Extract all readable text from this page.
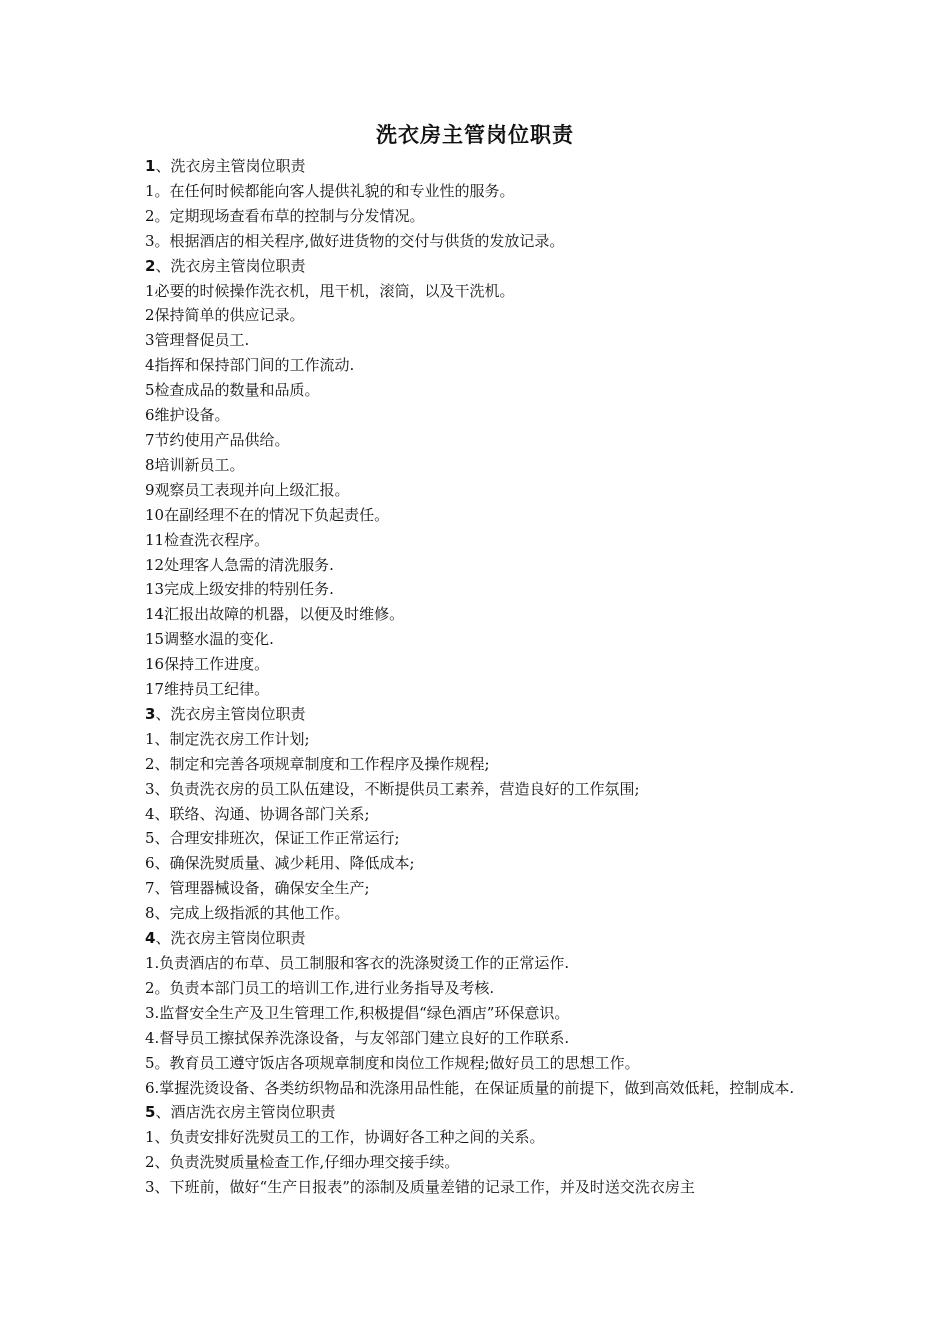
洗衣房主管岗位职责
1、洗衣房主管岗位职责
1。在任何时候都能向客人提供礼貌的和专业性的服务。
2。定期现场查看布草的控制与分发情况。
3。根据酒店的相关程序,做好进货物的交付与供货的发放记录。
2、洗衣房主管岗位职责
1必要的时候操作洗衣机，甩干机，滚筒，以及干洗机。
2保持简单的供应记录。
3管理督促员工.
4指挥和保持部门间的工作流动.
5检查成品的数量和品质。
6维护设备。
7节约使用产品供给。
8培训新员工。
9观察员工表现并向上级汇报。
10在副经理不在的情况下负起责任。
11检查洗衣程序。
12处理客人急需的清洗服务.
13完成上级安排的特别任务.
14汇报出故障的机器，以便及时维修。
15调整水温的变化.
16保持工作进度。
17维持员工纪律。
3、洗衣房主管岗位职责
1、制定洗衣房工作计划;
2、制定和完善各项规章制度和工作程序及操作规程;
3、负责洗衣房的员工队伍建设，不断提供员工素养，营造良好的工作氛围;
4、联络、沟通、协调各部门关系;
5、合理安排班次，保证工作正常运行;
6、确保洗熨质量、减少耗用、降低成本;
7、管理器械设备，确保安全生产;
8、完成上级指派的其他工作。
4、洗衣房主管岗位职责
1.负责酒店的布草、员工制服和客衣的洗涤熨烫工作的正常运作.
2。负责本部门员工的培训工作,进行业务指导及考核.
3.监督安全生产及卫生管理工作,积极提倡“绿色酒店”环保意识。
4.督导员工擦拭保养洗涤设备，与友邻部门建立良好的工作联系.
5。教育员工遵守饭店各项规章制度和岗位工作规程;做好员工的思想工作。
6.掌握洗烫设备、各类纺织物品和洗涤用品性能，在保证质量的前提下，做到高效低耗，控制成本.
5、酒店洗衣房主管岗位职责
1、负责安排好洗熨员工的工作，协调好各工种之间的关系。
2、负责洗熨质量检查工作,仔细办理交接手续。
3、下班前，做好“生产日报表”的添制及质量差错的记录工作，并及时送交洗衣房主
